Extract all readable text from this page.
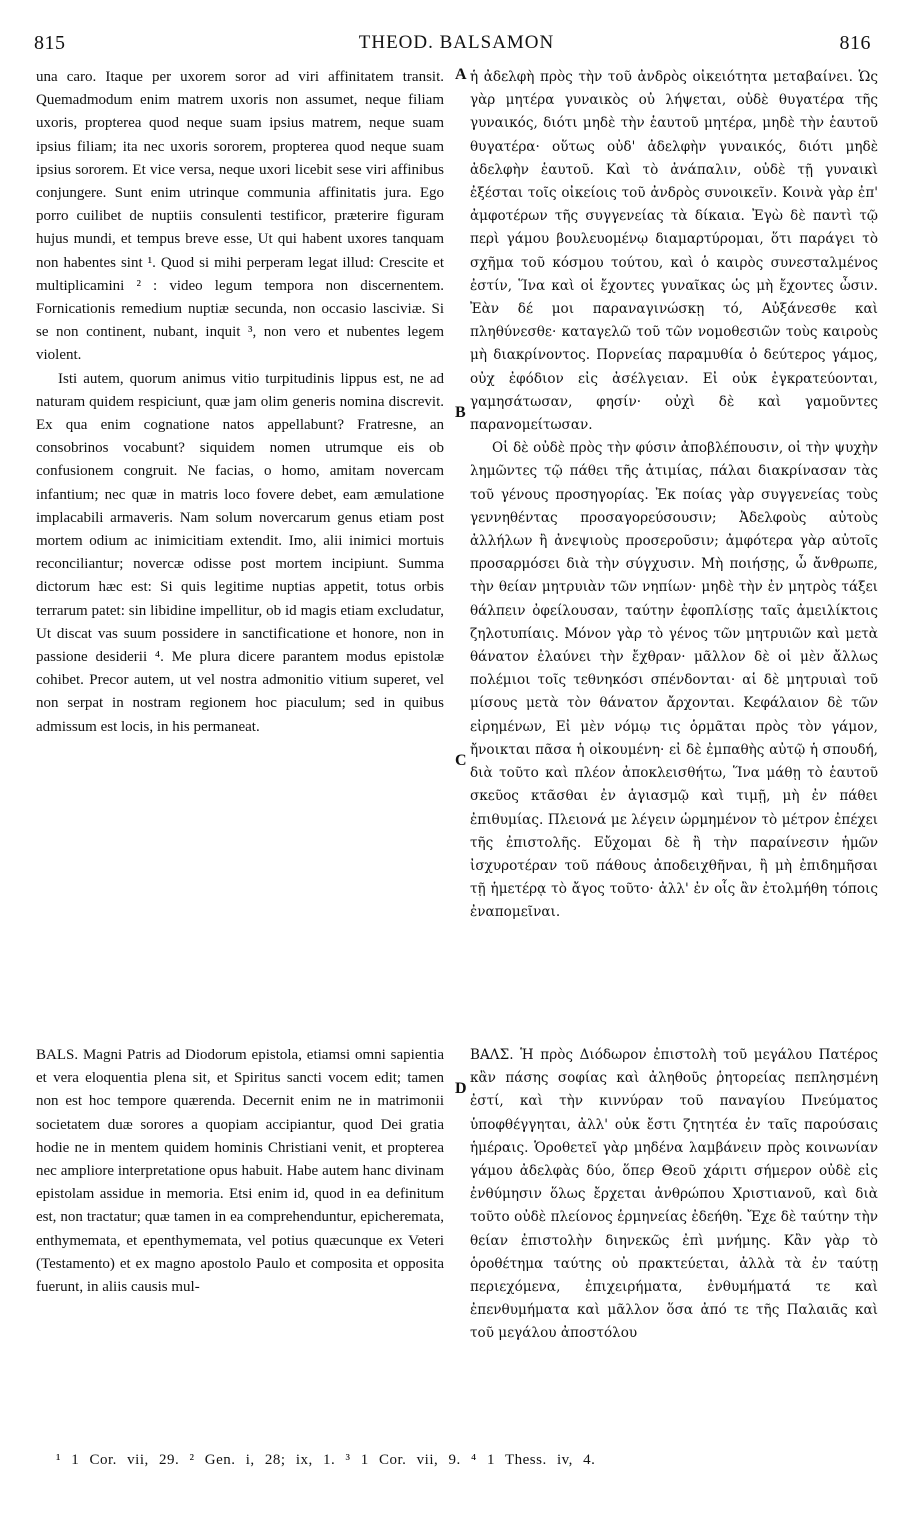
815	THEOD. BALSAMON	816

una caro. Itaque per uxorem soror ad viri affinitatem transit. Quemadmodum enim matrem uxoris non assumet, neque filiam uxoris, propterea quod neque suam ipsius matrem, neque suam ipsius filiam; ita nec uxoris sororem, propterea quod neque suam ipsius sororem. Et vice versa, neque uxori licebit sese viri affinibus conjungere. Sunt enim utrinque communia affinitatis jura. Ego porro cuilibet de nuptiis consulenti testificor, præterire figuram hujus mundi, et tempus breve esse, Ut qui habent uxores tanquam non habentes sint ¹. Quod si mihi perperam legat illud: Crescite et multiplicamini ² : video legum tempora non discernentem. Fornicationis remedium nuptiæ secunda, non occasio lasciviæ. Si se non continent, nubant, inquit ³, non vero et nubentes legem violent.

Isti autem, quorum animus vitio turpitudinis lippus est, ne ad naturam quidem respiciunt, quæ jam olim generis nomina discrevit. Ex qua enim cognatione natos appellabunt? Fratresne, an consobrinos vocabunt? siquidem nomen utrumque eis ob confusionem congruit. Ne facias, o homo, amitam novercam infantium; nec quæ in matris loco fovere debet, eam æmulatione implacabili armaveris. Nam solum novercarum genus etiam post mortem odium ac inimicitiam extendit. Imo, alii inimici mortuis reconciliantur; novercæ odisse post mortem incipiunt. Summa dictorum hæc est: Si quis legitime nuptias appetit, totus orbis terrarum patet: sin libidine impellitur, ob id magis etiam excludatur, Ut discat vas suum possidere in sanctificatione et honore, non in passione desiderii ⁴. Me plura dicere parantem modus epistolæ cohibet. Precor autem, ut vel nostra admonitio vitium superet, vel non serpat in nostram regionem hoc piaculum; sed in quibus admissum est locis, in his permaneat.

A
B
C
D

ἡ ἀδελφὴ πρὸς τὴν τοῦ ἀνδρὸς οἰκειότητα μεταβαίνει. Ὡς γὰρ μητέρα γυναικὸς οὐ λήψεται, οὐδὲ θυγατέρα τῆς γυναικός, διότι μηδὲ τὴν ἑαυτοῦ μητέρα, μηδὲ τὴν ἑαυτοῦ θυγατέρα· οὕτως οὐδ' ἀδελφὴν γυναικός, διότι μηδὲ ἀδελφὴν ἑαυτοῦ. Καὶ τὸ ἀνάπαλιν, οὐδὲ τῇ γυναικὶ ἐξέσται τοῖς οἰκείοις τοῦ ἀνδρὸς συνοικεῖν. Κοινὰ γὰρ ἐπ' ἀμφοτέρων τῆς συγγενείας τὰ δίκαια. Ἐγὼ δὲ παντὶ τῷ περὶ γάμου βουλευομένῳ διαμαρτύρομαι, ὅτι παράγει τὸ σχῆμα τοῦ κόσμου τούτου, καὶ ὁ καιρὸς συνεσταλμένος ἐστίν, Ἵνα καὶ οἱ ἔχοντες γυναῖκας ὡς μὴ ἔχοντες ὦσιν. Ἐὰν δέ μοι παραναγινώσκῃ τό, Αὐξάνεσθε καὶ πληθύνεσθε· καταγελῶ τοῦ τῶν νομοθεσιῶν τοὺς καιροὺς μὴ διακρίνοντος. Πορνείας παραμυθία ὁ δεύτερος γάμος, οὐχ ἐφόδιον εἰς ἀσέλγειαν. Εἰ οὐκ ἐγκρατεύονται, γαμησάτωσαν, φησίν· οὐχὶ δὲ καὶ γαμοῦντες παρανομείτωσαν.

Οἱ δὲ οὐδὲ πρὸς τὴν φύσιν ἀποβλέπουσιν, οἱ τὴν ψυχὴν λημῶντες τῷ πάθει τῆς ἀτιμίας, πάλαι διακρίνασαν τὰς τοῦ γένους προσηγορίας. Ἐκ ποίας γὰρ συγγενείας τοὺς γεννηθέντας προσαγορεύσουσιν; Ἀδελφοὺς αὐτοὺς ἀλλήλων ἢ ἀνεψιοὺς προσεροῦσιν; ἀμφότερα γὰρ αὐτοῖς προσαρμόσει διὰ τὴν σύγχυσιν. Μὴ ποιήσῃς, ὦ ἄνθρωπε, τὴν θείαν μητρυιὰν τῶν νηπίων· μηδὲ τὴν ἐν μητρὸς τάξει θάλπειν ὀφείλουσαν, ταύτην ἐφοπλίσῃς ταῖς ἀμειλίκτοις ζηλοτυπίαις. Μόνον γὰρ τὸ γένος τῶν μητρυιῶν καὶ μετὰ θάνατον ἐλαύνει τὴν ἔχθραν· μᾶλλον δὲ οἱ μὲν ἄλλως πολέμιοι τοῖς τεθνηκόσι σπένδονται· αἱ δὲ μητρυιαὶ τοῦ μίσους μετὰ τὸν θάνατον ἄρχονται. Κεφάλαιον δὲ τῶν εἰρημένων, Εἰ μὲν νόμῳ τις ὁρμᾶται πρὸς τὸν γάμον, ἤνοικται πᾶσα ἡ οἰκουμένη· εἰ δὲ ἐμπαθὴς αὐτῷ ἡ σπουδή, διὰ τοῦτο καὶ πλέον ἀποκλεισθήτω, Ἵνα μάθῃ τὸ ἑαυτοῦ σκεῦος κτᾶσθαι ἐν ἁγιασμῷ καὶ τιμῇ, μὴ ἐν πάθει ἐπιθυμίας. Πλειονά με λέγειν ὡρμημένον τὸ μέτρον ἐπέχει τῆς ἐπιστολῆς. Εὔχομαι δὲ ἢ τὴν παραίνεσιν ἡμῶν ἰσχυροτέραν τοῦ πάθους ἀποδειχθῆναι, ἢ μὴ ἐπιδημῆσαι τῇ ἡμετέρᾳ τὸ ἄγος τοῦτο· ἀλλ' ἐν οἷς ἂν ἐτολμήθη τόποις ἐναπομεῖναι.

BALS. Magni Patris ad Diodorum epistola, etiamsi omni sapientia et vera eloquentia plena sit, et Spiritus sancti vocem edit; tamen non est hoc tempore quærenda. Decernit enim ne in matrimonii societatem duæ sorores a quopiam accipiantur, quod Dei gratia hodie ne in mentem quidem hominis Christiani venit, et propterea nec ampliore interpretatione opus habuit. Habe autem hanc divinam epistolam assidue in memoria. Etsi enim id, quod in ea definitum est, non tractatur; quæ tamen in ea comprehenduntur, epicheremata, enthymemata, et epenthymemata, vel potius quæcunque ex Veteri (Testamento) et ex magno apostolo Paulo et composita et opposita fuerunt, in aliis causis mul-

ΒΑΛΣ. Ἡ πρὸς Διόδωρον ἐπιστολὴ τοῦ μεγάλου Πατέρος κἂν πάσης σοφίας καὶ ἀληθοῦς ῥητορείας πεπλησμένη ἐστί, καὶ τὴν κιννύραν τοῦ παναγίου Πνεύματος ὑποφθέγγηται, ἀλλ' οὐκ ἔστι ζητητέα ἐν ταῖς παρούσαις ἡμέραις. Ὁροθετεῖ γὰρ μηδένα λαμβάνειν πρὸς κοινωνίαν γάμου ἀδελφὰς δύο, ὅπερ Θεοῦ χάριτι σήμερον οὐδὲ εἰς ἐνθύμησιν ὅλως ἔρχεται ἀνθρώπου Χριστιανοῦ, καὶ διὰ τοῦτο οὐδὲ πλείονος ἑρμηνείας ἐδεήθη. Ἔχε δὲ ταύτην τὴν θείαν ἐπιστολὴν διηνεκῶς ἐπὶ μνήμης. Κἂν γὰρ τὸ ὁροθέτημα ταύτης οὐ πρακτεύεται, ἀλλὰ τὰ ἐν ταύτῃ περιεχόμενα, ἐπιχειρήματα, ἐνθυμήματά τε καὶ ἐπενθυμήματα καὶ μᾶλλον ὅσα ἀπό τε τῆς Παλαιᾶς καὶ τοῦ μεγάλου ἀποστόλου

¹ 1 Cor. vii, 29. ² Gen. i, 28; ix, 1. ³ 1 Cor. vii, 9. ⁴ 1 Thess. iv, 4.
